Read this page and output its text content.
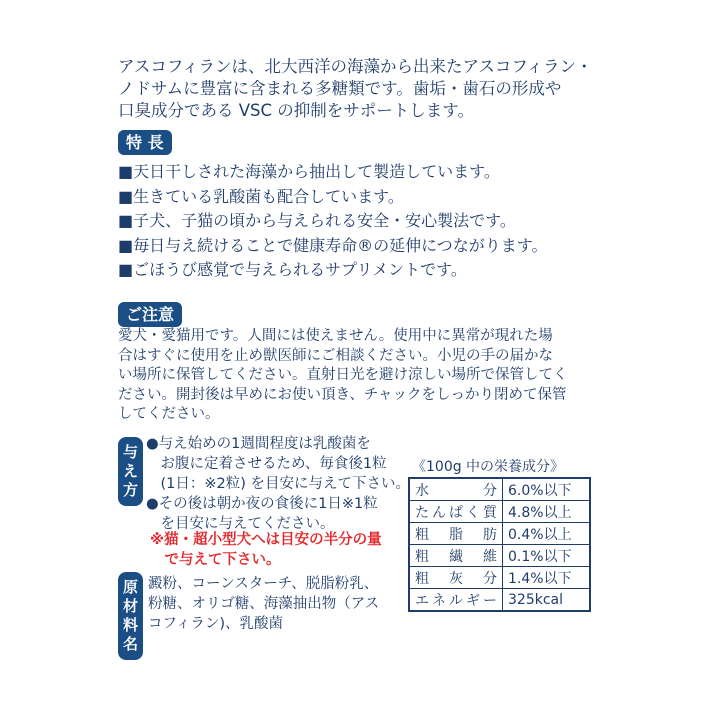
アスコフィランは、北大西洋の海藻から出来たアスコフィラン・
ノドサムに豊富に含まれる多糖類です。歯垢・歯石の形成や
口臭成分である VSC の抑制をサポートします。
特 長
■天日干しされた海藻から抽出して製造しています。
■生きている乳酸菌も配合しています。
■子犬、子猫の頃から与えられる安全・安心製法です。
■毎日与え続けることで健康寿命®の延伸につながります。
■ごほうび感覚で与えられるサプリメントです。
ご注意
愛犬・愛猫用です。人間には使えません。使用中に異常が現れた場
合はすぐに使用を止め獣医師にご相談ください。小児の手の届かな
い場所に保管してください。直射日光を避け涼しい場所で保管してく
ださい。開封後は早めにお使い頂き、チャックをしっかり閉めて保管
してください。
与え方
●与え始めの1週間程度は乳酸菌を
　お腹に定着させるため、毎食後1粒
　(1日：※2粒) を目安に与えて下さい。
●その後は朝か夜の食後に1日※1粒
　を目安に与えてください。
※猫・超小型犬へは目安の半分の量
　で与えて下さい。
原材料名
澱粉、コーンスターチ、脱脂粉乳、
粉糖、オリゴ糖、海藻抽出物（アス
コフィラン)、乳酸菌
《100g 中の栄養成分》
水分	6.0%以下
たんぱく質	4.8%以上
粗脂肪	0.4%以上
粗繊維	0.1%以下
粗灰分	1.4%以下
エネルギー	325kcal
